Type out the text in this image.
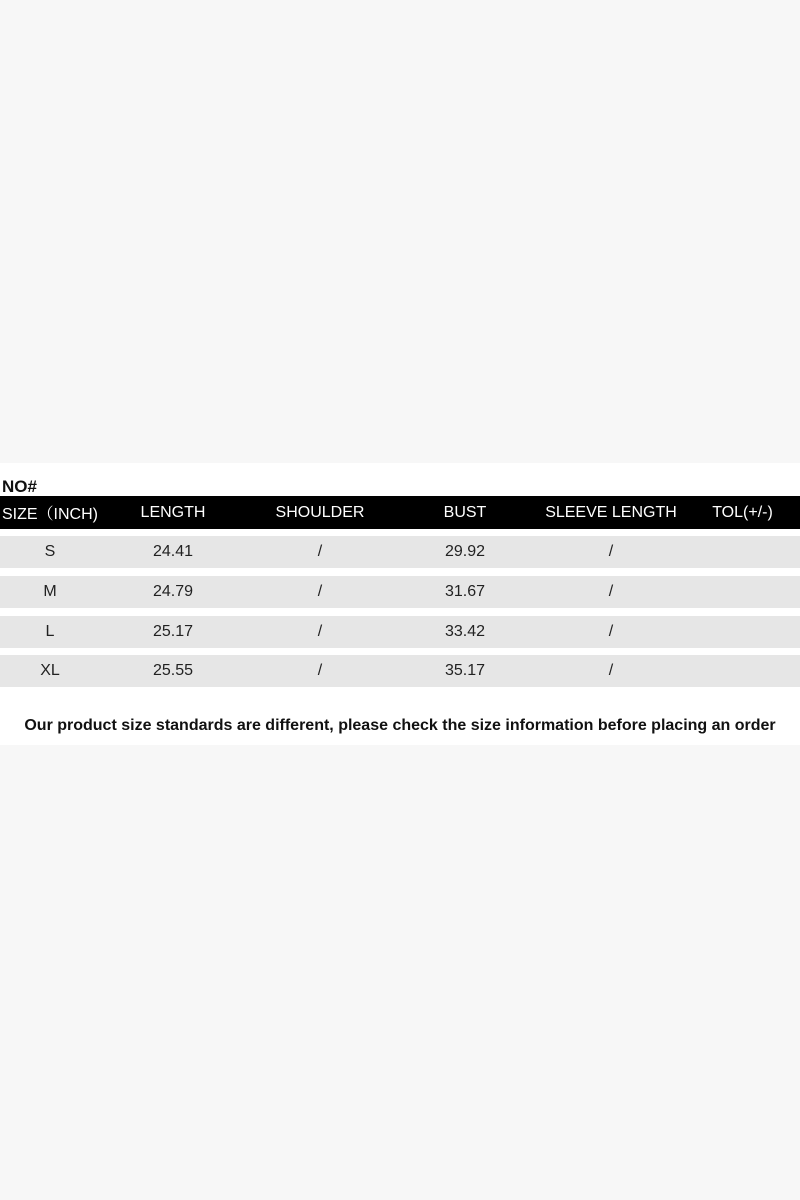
NO#
SIZE（INCH)	LENGTH	SHOULDER	BUST	SLEEVE LENGTH	TOL(+/-)
S	24.41	/	29.92	/
M	24.79	/	31.67	/
L	25.17	/	33.42	/
XL	25.55	/	35.17	/
Our product size standards are different, please check the size information before placing an order
